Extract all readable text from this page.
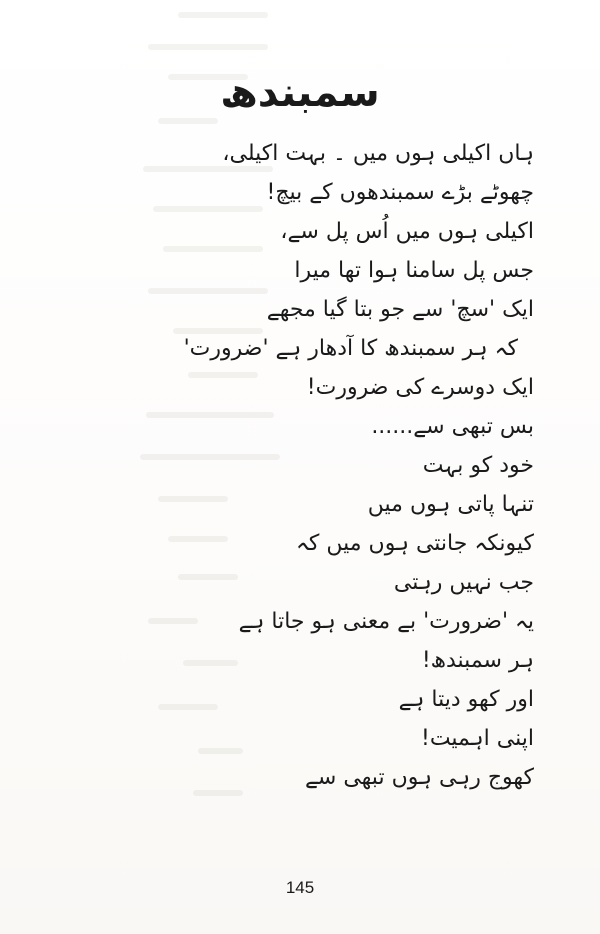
سمبندھ
ہاں اکیلی ہوں میں ۔ بہت اکیلی،
چھوٹے بڑے سمبندھوں کے بیچ!
اکیلی ہوں میں اُس پل سے،
جس پل سامنا ہوا تھا میرا
ایک 'سچ' سے جو بتا گیا مجھے
کہ ہر سمبندھ کا آدھار ہے 'ضرورت'
ایک دوسرے کی ضرورت!
بس تبھی سے......
خود کو بہت
تنہا پاتی ہوں میں
کیونکہ جانتی ہوں میں کہ
جب نہیں رہتی
یہ 'ضرورت' بے معنی ہو جاتا ہے
ہر سمبندھ!
اور کھو دیتا ہے
اپنی اہمیت!
کھوج رہی ہوں تبھی سے
145
